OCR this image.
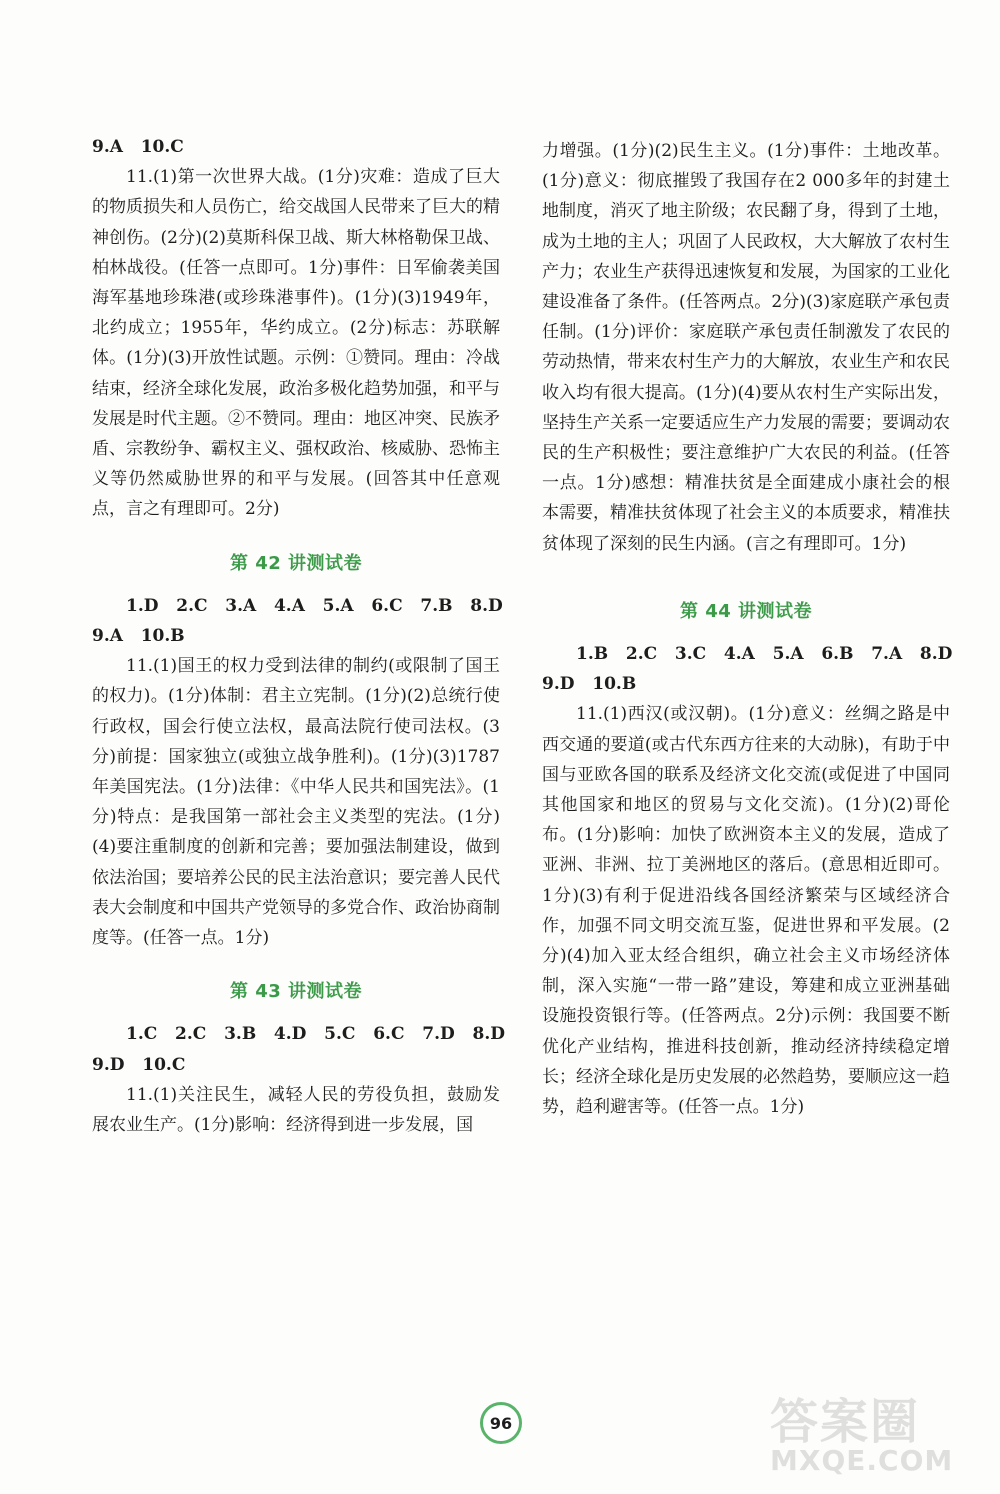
9.A   10.C

11.(1)第一次世界大战。(1分)灾难：造成了巨大的物质损失和人员伤亡，给交战国人民带来了巨大的精神创伤。(2分)(2)莫斯科保卫战、斯大林格勒保卫战、柏林战役。(任答一点即可。1分)事件：日军偷袭美国海军基地珍珠港(或珍珠港事件)。(1分)(3)1949年，北约成立；1955年，华约成立。(2分)标志：苏联解体。(1分)(3)开放性试题。示例：①赞同。理由：冷战结束，经济全球化发展，政治多极化趋势加强，和平与发展是时代主题。②不赞同。理由：地区冲突、民族矛盾、宗教纷争、霸权主义、强权政治、核威胁、恐怖主义等仍然威胁世界的和平与发展。(回答其中任意观点，言之有理即可。2分)

第 42 讲测试卷

1.D   2.C   3.A   4.A   5.A   6.C   7.B   8.D

9.A   10.B

11.(1)国王的权力受到法律的制约(或限制了国王的权力)。(1分)体制：君主立宪制。(1分)(2)总统行使行政权，国会行使立法权，最高法院行使司法权。(3分)前提：国家独立(或独立战争胜利)。(1分)(3)1787年美国宪法。(1分)法律：《中华人民共和国宪法》。(1分)特点：是我国第一部社会主义类型的宪法。(1分)(4)要注重制度的创新和完善；要加强法制建设，做到依法治国；要培养公民的民主法治意识；要完善人民代表大会制度和中国共产党领导的多党合作、政治协商制度等。(任答一点。1分)

第 43 讲测试卷

1.C   2.C   3.B   4.D   5.C   6.C   7.D   8.D

9.D   10.C

11.(1)关注民生，减轻人民的劳役负担，鼓励发展农业生产。(1分)影响：经济得到进一步发展，国

力增强。(1分)(2)民生主义。(1分)事件：土地改革。(1分)意义：彻底摧毁了我国存在2 000多年的封建土地制度，消灭了地主阶级；农民翻了身，得到了土地，成为土地的主人；巩固了人民政权，大大解放了农村生产力；农业生产获得迅速恢复和发展，为国家的工业化建设准备了条件。(任答两点。2分)(3)家庭联产承包责任制。(1分)评价：家庭联产承包责任制激发了农民的劳动热情，带来农村生产力的大解放，农业生产和农民收入均有很大提高。(1分)(4)要从农村生产实际出发，坚持生产关系一定要适应生产力发展的需要；要调动农民的生产积极性；要注意维护广大农民的利益。(任答一点。1分)感想：精准扶贫是全面建成小康社会的根本需要，精准扶贫体现了社会主义的本质要求，精准扶贫体现了深刻的民生内涵。(言之有理即可。1分)

第 44 讲测试卷

1.B   2.C   3.C   4.A   5.A   6.B   7.A   8.D

9.D   10.B

11.(1)西汉(或汉朝)。(1分)意义：丝绸之路是中西交通的要道(或古代东西方往来的大动脉)，有助于中国与亚欧各国的联系及经济文化交流(或促进了中国同其他国家和地区的贸易与文化交流)。(1分)(2)哥伦布。(1分)影响：加快了欧洲资本主义的发展，造成了亚洲、非洲、拉丁美洲地区的落后。(意思相近即可。1分)(3)有利于促进沿线各国经济繁荣与区域经济合作，加强不同文明交流互鉴，促进世界和平发展。(2分)(4)加入亚太经合组织，确立社会主义市场经济体制，深入实施“一带一路”建设，筹建和成立亚洲基础设施投资银行等。(任答两点。2分)示例：我国要不断优化产业结构，推进科技创新，推动经济持续稳定增长；经济全球化是历史发展的必然趋势，要顺应这一趋势，趋利避害等。(任答一点。1分)

96	答案圈
MXQE.COM
